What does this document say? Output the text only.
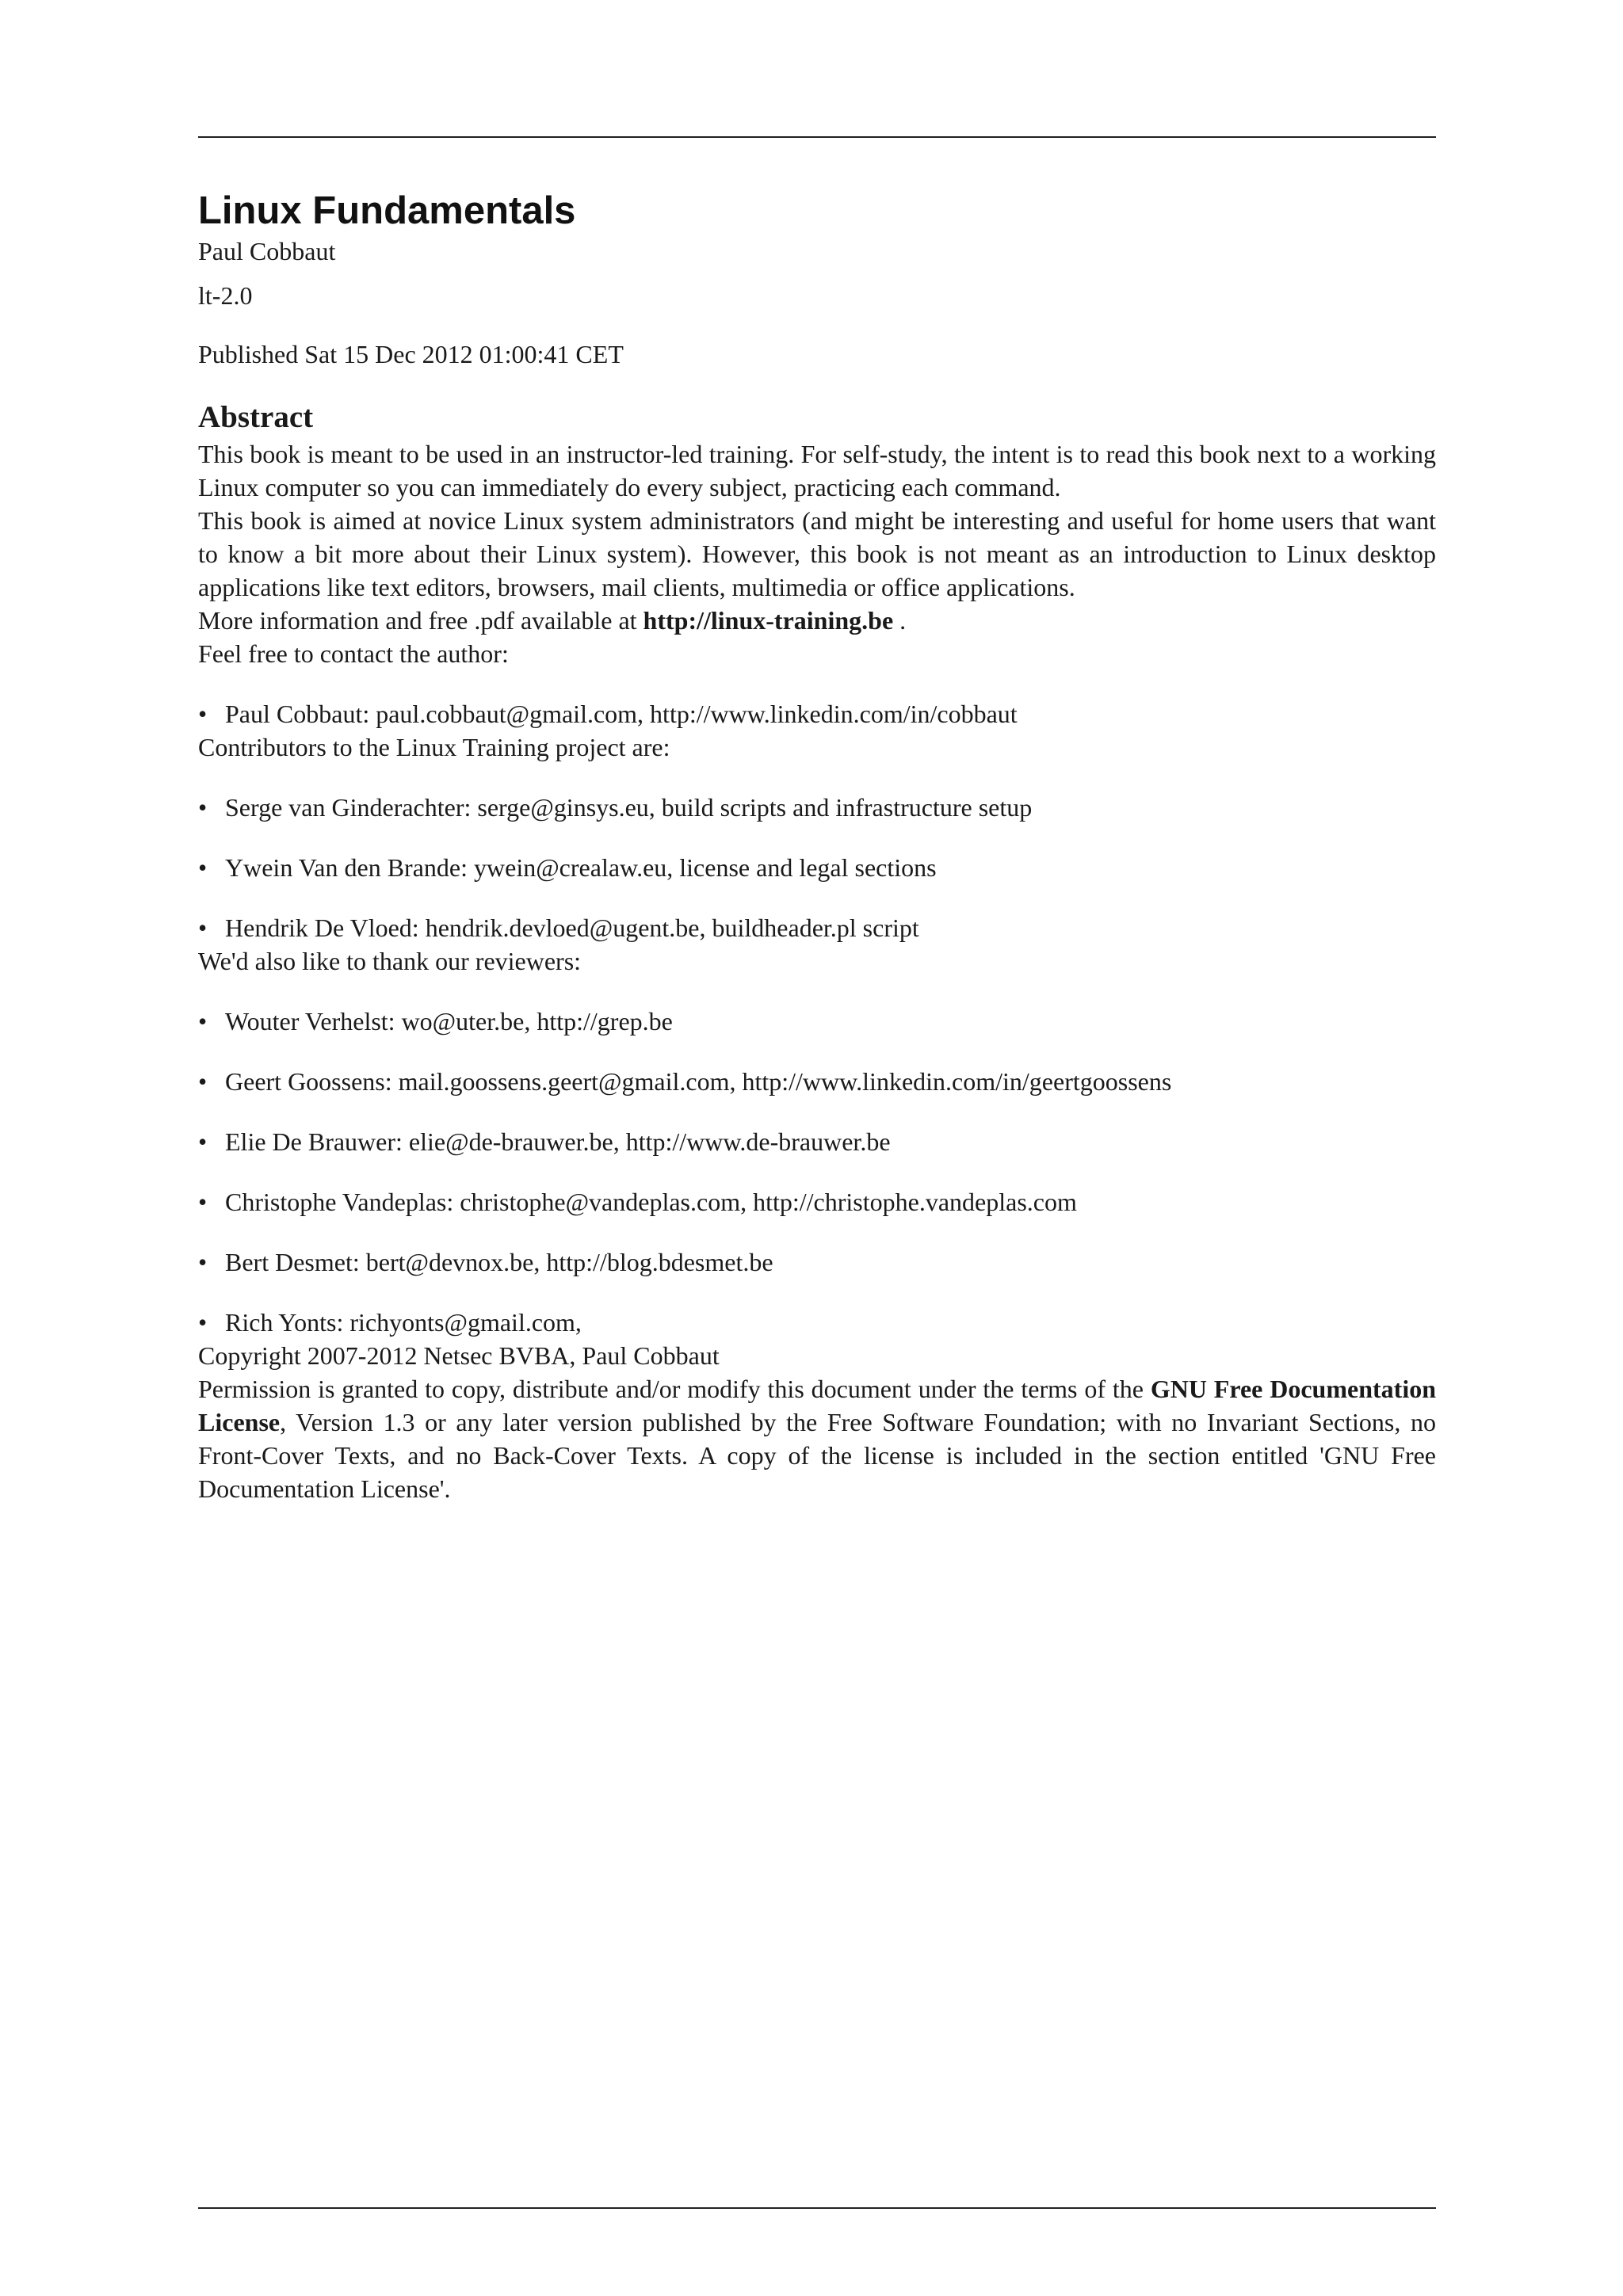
Linux Fundamentals

Paul Cobbaut

lt-2.0

Published Sat 15 Dec 2012 01:00:41 CET

Abstract

This book is meant to be used in an instructor-led training. For self-study, the intent is to read this book next to a working Linux computer so you can immediately do every subject, practicing each command.

This book is aimed at novice Linux system administrators (and might be interesting and useful for home users that want to know a bit more about their Linux system). However, this book is not meant as an introduction to Linux desktop applications like text editors, browsers, mail clients, multimedia or office applications.

More information and free .pdf available at http://linux-training.be .

Feel free to contact the author:

• Paul Cobbaut: paul.cobbaut@gmail.com, http://www.linkedin.com/in/cobbaut

Contributors to the Linux Training project are:

• Serge van Ginderachter: serge@ginsys.eu, build scripts and infrastructure setup
• Ywein Van den Brande: ywein@crealaw.eu, license and legal sections
• Hendrik De Vloed: hendrik.devloed@ugent.be, buildheader.pl script

We'd also like to thank our reviewers:

• Wouter Verhelst: wo@uter.be, http://grep.be
• Geert Goossens: mail.goossens.geert@gmail.com, http://www.linkedin.com/in/geertgoossens
• Elie De Brauwer: elie@de-brauwer.be, http://www.de-brauwer.be
• Christophe Vandeplas: christophe@vandeplas.com, http://christophe.vandeplas.com
• Bert Desmet: bert@devnox.be, http://blog.bdesmet.be
• Rich Yonts: richyonts@gmail.com,

Copyright 2007-2012 Netsec BVBA, Paul Cobbaut

Permission is granted to copy, distribute and/or modify this document under the terms of the GNU Free Documentation License, Version 1.3 or any later version published by the Free Software Foundation; with no Invariant Sections, no Front-Cover Texts, and no Back-Cover Texts. A copy of the license is included in the section entitled 'GNU Free Documentation License'.
